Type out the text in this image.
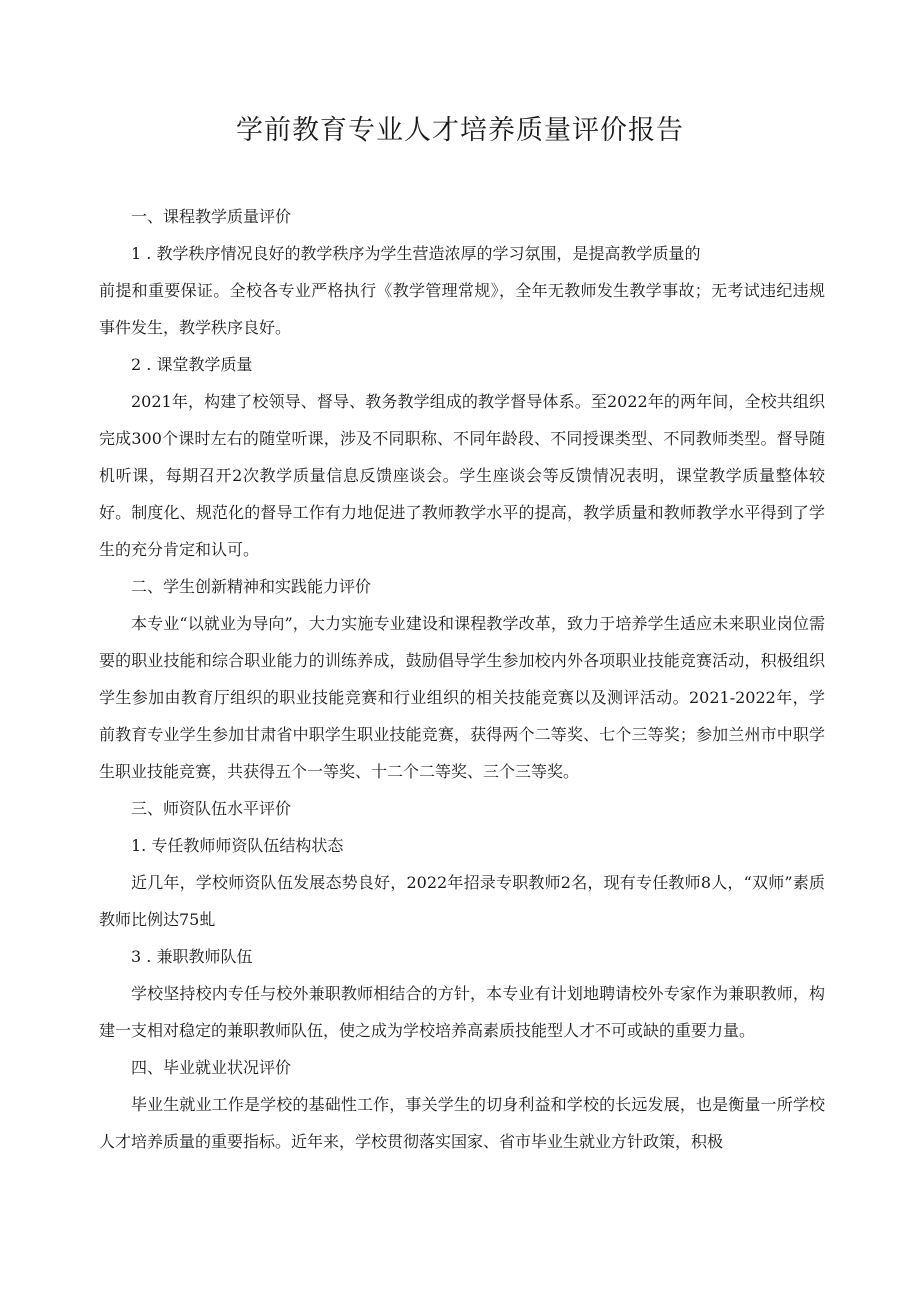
学前教育专业人才培养质量评价报告

一、课程教学质量评价

1 . 教学秩序情况良好的教学秩序为学生营造浓厚的学习氛围，是提高教学质量的

前提和重要保证。全校各专业严格执行《教学管理常规》，全年无教师发生教学事故；无考试违纪违规事件发生，教学秩序良好。

2 . 课堂教学质量

2021年，构建了校领导、督导、教务教学组成的教学督导体系。至2022年的两年间，全校共组织完成300个课时左右的随堂听课，涉及不同职称、不同年龄段、不同授课类型、不同教师类型。督导随机听课，每期召开2次教学质量信息反馈座谈会。学生座谈会等反馈情况表明，课堂教学质量整体较好。制度化、规范化的督导工作有力地促进了教师教学水平的提高，教学质量和教师教学水平得到了学生的充分肯定和认可。

二、学生创新精神和实践能力评价

本专业“以就业为导向”，大力实施专业建设和课程教学改革，致力于培养学生适应未来职业岗位需要的职业技能和综合职业能力的训练养成，鼓励倡导学生参加校内外各项职业技能竞赛活动，积极组织学生参加由教育厅组织的职业技能竞赛和行业组织的相关技能竞赛以及测评活动。2021-2022年，学前教育专业学生参加甘肃省中职学生职业技能竞赛，获得两个二等奖、七个三等奖；参加兰州市中职学生职业技能竞赛，共获得五个一等奖、十二个二等奖、三个三等奖。

三、师资队伍水平评价

1. 专任教师师资队伍结构状态

近几年，学校师资队伍发展态势良好，2022年招录专职教师2名，现有专任教师8人，“双师”素质教师比例达75虬

3 . 兼职教师队伍

学校坚持校内专任与校外兼职教师相结合的方针，本专业有计划地聘请校外专家作为兼职教师，构建一支相对稳定的兼职教师队伍，使之成为学校培养高素质技能型人才不可或缺的重要力量。

四、毕业就业状况评价

毕业生就业工作是学校的基础性工作，事关学生的切身利益和学校的长远发展，也是衡量一所学校人才培养质量的重要指标。近年来，学校贯彻落实国家、省市毕业生就业方针政策，积极
